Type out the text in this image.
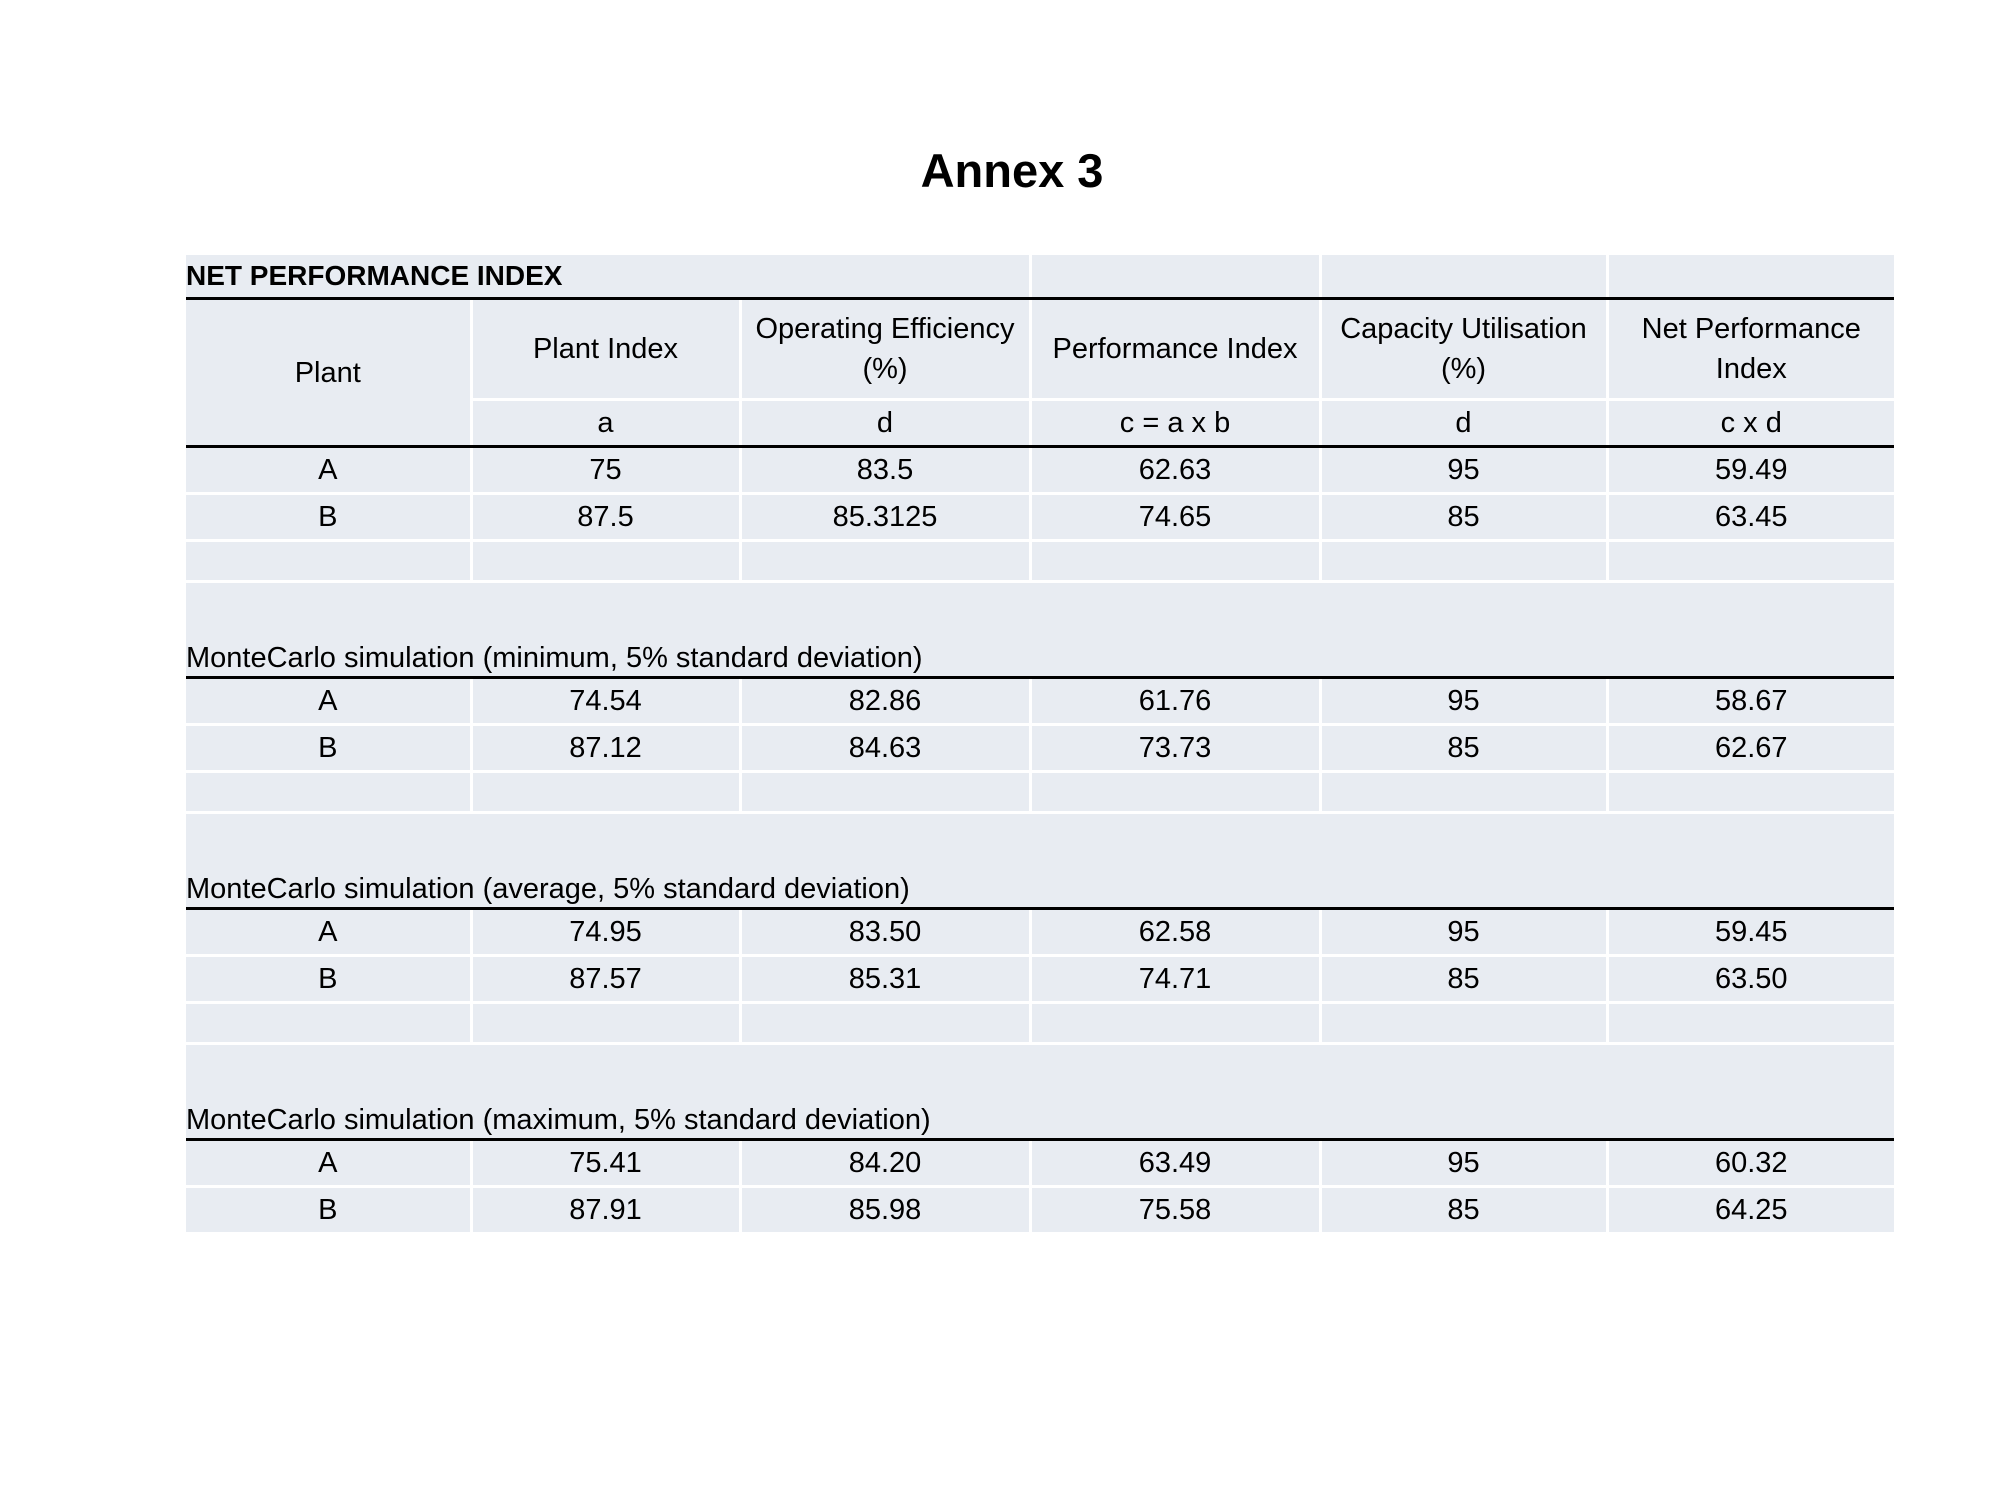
Annex 3
NET PERFORMANCE INDEX					
Plant	Plant Index	Operating Efficiency (%)	Performance Index	Capacity Utilisation (%)	Net Performance Index
	a	d	c = a x b	d	c x d
A	75	83.5	62.63	95	59.49
B	87.5	85.3125	74.65	85	63.45

MonteCarlo simulation (minimum, 5% standard deviation)					
A	74.54	82.86	61.76	95	58.67
B	87.12	84.63	73.73	85	62.67

MonteCarlo simulation (average, 5% standard deviation)					
A	74.95	83.50	62.58	95	59.45
B	87.57	85.31	74.71	85	63.50

MonteCarlo simulation (maximum, 5% standard deviation)					
A	75.41	84.20	63.49	95	60.32
B	87.91	85.98	75.58	85	64.25
